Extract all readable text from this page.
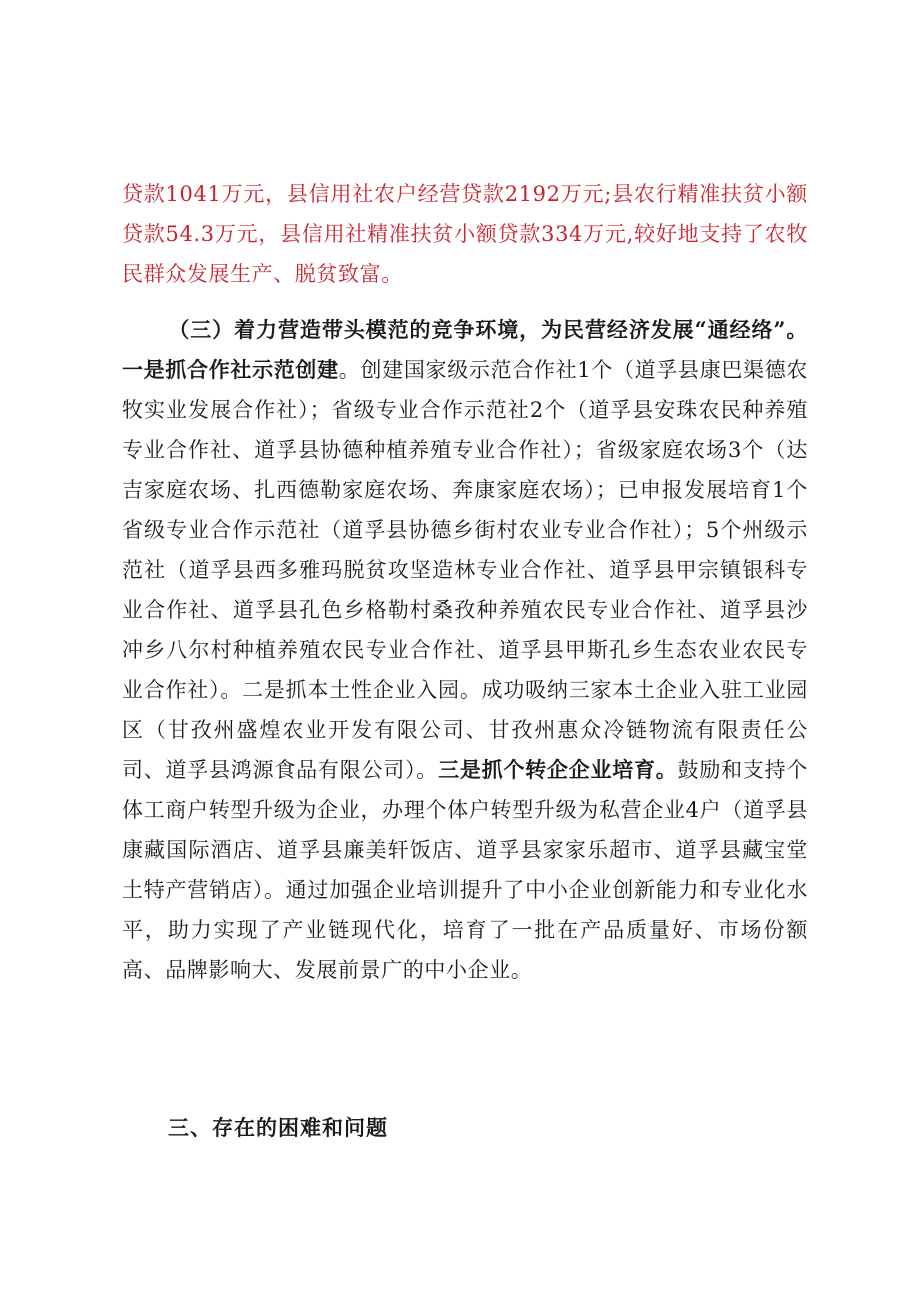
贷款1041万元，县信用社农户经营贷款2192万元;县农行精准扶贫小额贷款54.3万元，县信用社精准扶贫小额贷款334万元,较好地支持了农牧民群众发展生产、脱贫致富。

（三）着力营造带头模范的竞争环境，为民营经济发展“通经络”。一是抓合作社示范创建。创建国家级示范合作社1个（道孚县康巴渠德农牧实业发展合作社）；省级专业合作示范社2个（道孚县安珠农民种养殖专业合作社、道孚县协德种植养殖专业合作社）；省级家庭农场3个（达吉家庭农场、扎西德勒家庭农场、奔康家庭农场）；已申报发展培育1个省级专业合作示范社（道孚县协德乡街村农业专业合作社）；5个州级示范社（道孚县西多雅玛脱贫攻坚造林专业合作社、道孚县甲宗镇银科专业合作社、道孚县孔色乡格勒村桑孜种养殖农民专业合作社、道孚县沙冲乡八尔村种植养殖农民专业合作社、道孚县甲斯孔乡生态农业农民专业合作社）。二是抓本土性企业入园。成功吸纳三家本土企业入驻工业园区（甘孜州盛煌农业开发有限公司、甘孜州惠众冷链物流有限责任公司、道孚县鸿源食品有限公司）。三是抓个转企企业培育。鼓励和支持个体工商户转型升级为企业，办理个体户转型升级为私营企业4户（道孚县康藏国际酒店、道孚县廉美轩饭店、道孚县家家乐超市、道孚县藏宝堂土特产营销店）。通过加强企业培训提升了中小企业创新能力和专业化水平，助力实现了产业链现代化，培育了一批在产品质量好、市场份额高、品牌影响大、发展前景广的中小企业。

三、存在的困难和问题
